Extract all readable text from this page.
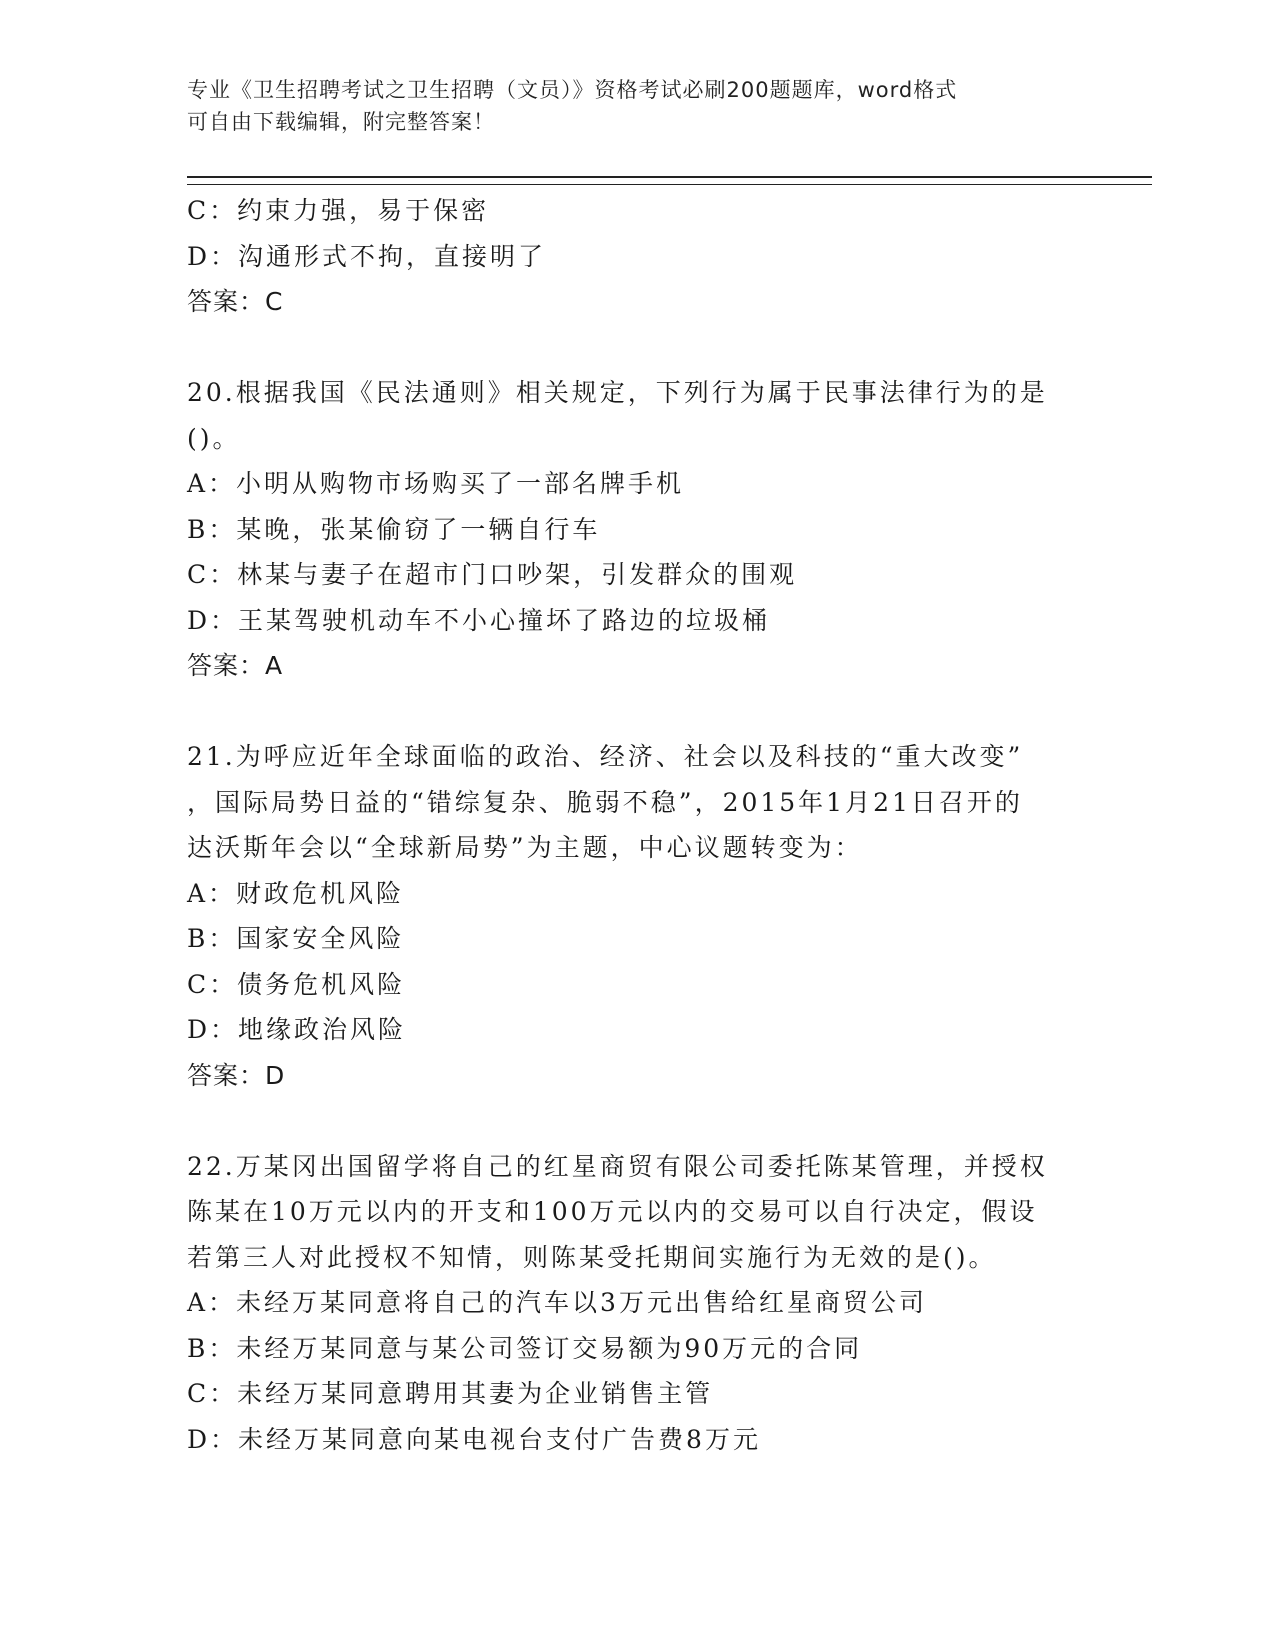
专业《卫生招聘考试之卫生招聘（文员）》资格考试必刷200题题库，word格式
可自由下载编辑，附完整答案！
C：约束力强，易于保密
D：沟通形式不拘，直接明了
答案：C
20.根据我国《民法通则》相关规定，下列行为属于民事法律行为的是
()。
A：小明从购物市场购买了一部名牌手机
B：某晚，张某偷窃了一辆自行车
C：林某与妻子在超市门口吵架，引发群众的围观
D：王某驾驶机动车不小心撞坏了路边的垃圾桶
答案：A
21.为呼应近年全球面临的政治、经济、社会以及科技的“重大改变”
，国际局势日益的“错综复杂、脆弱不稳”，2015年1月21日召开的
达沃斯年会以“全球新局势”为主题，中心议题转变为：
A：财政危机风险
B：国家安全风险
C：债务危机风险
D：地缘政治风险
答案：D
22.万某冈出国留学将自己的红星商贸有限公司委托陈某管理，并授权
陈某在10万元以内的开支和100万元以内的交易可以自行决定，假设
若第三人对此授权不知情，则陈某受托期间实施行为无效的是()。
A：未经万某同意将自己的汽车以3万元出售给红星商贸公司
B：未经万某同意与某公司签订交易额为90万元的合同
C：未经万某同意聘用其妻为企业销售主管
D：未经万某同意向某电视台支付广告费8万元
